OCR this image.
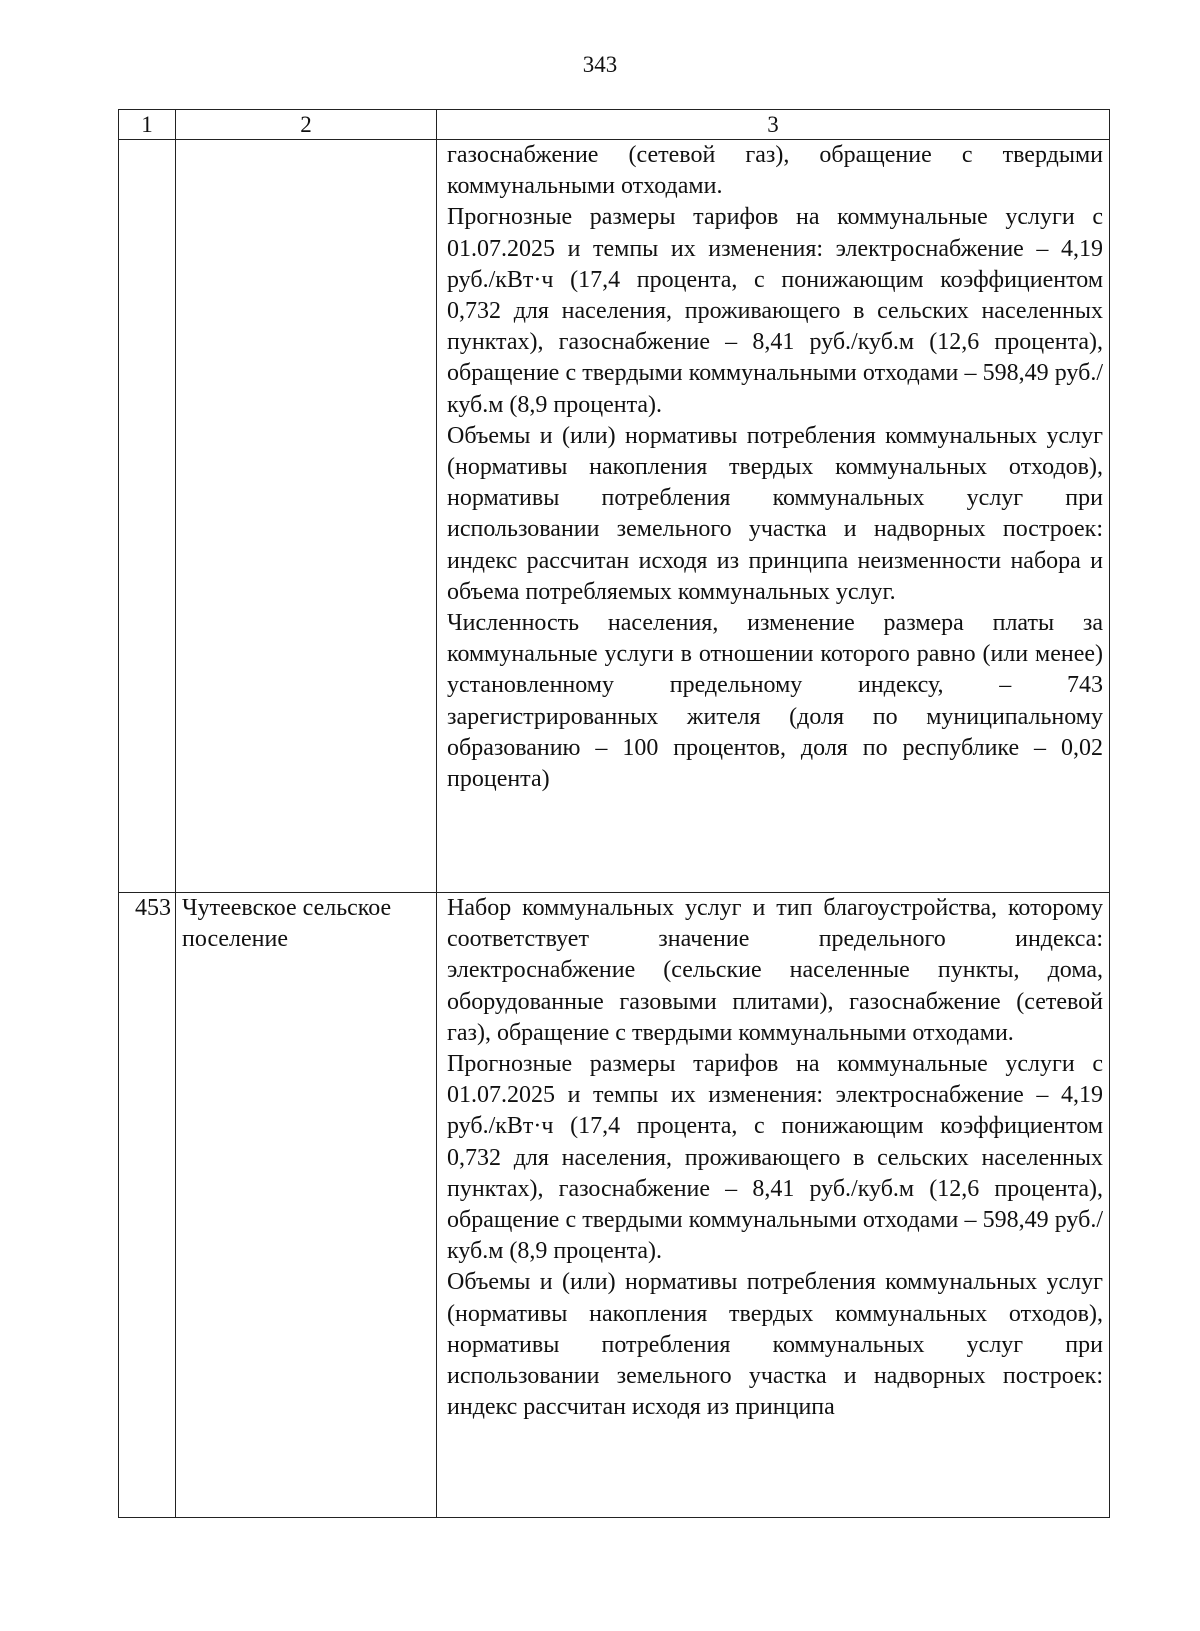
343
1	2	3

		газоснабжение (сетевой газ), обращение с твердыми коммунальными отходами.

Прогнозные размеры тарифов на коммунальные услуги с 01.07.2025 и темпы их изменения: электроснабжение – 4,19 руб./кВт·ч (17,4 процента, с понижающим коэффициентом 0,732 для населения, проживающего в сельских населенных пунктах), газоснабжение – 8,41 руб./куб.м (12,6 процента), обращение с твердыми коммунальными отходами – 598,49 руб./куб.м (8,9 процента).

Объемы и (или) нормативы потребления коммунальных услуг (нормативы накопления твердых коммунальных отходов), нормативы потребления коммунальных услуг при использовании земельного участка и надворных построек: индекс рассчитан исходя из принципа неизменности набора и объема потребляемых коммунальных услуг.

Численность населения, изменение размера платы за коммунальные услуги в отношении которого равно (или менее) установленному предельному индексу, – 743 зарегистрированных жителя (доля по муниципальному образованию – 100 процентов, доля по республике – 0,02 процента)

453	Чутеевское сельское поселение	Набор коммунальных услуг и тип благоустройства, которому соответствует значение предельного индекса: электроснабжение (сельские населенные пункты, дома, оборудованные газовыми плитами), газоснабжение (сетевой газ), обращение с твердыми коммунальными отходами.

Прогнозные размеры тарифов на коммунальные услуги с 01.07.2025 и темпы их изменения: электроснабжение – 4,19 руб./кВт·ч (17,4 процента, с понижающим коэффициентом 0,732 для населения, проживающего в сельских населенных пунктах), газоснабжение – 8,41 руб./куб.м (12,6 процента), обращение с твердыми коммунальными отходами – 598,49 руб./куб.м (8,9 процента).

Объемы и (или) нормативы потребления коммунальных услуг (нормативы накопления твердых коммунальных отходов), нормативы потребления коммунальных услуг при использовании земельного участка и надворных построек: индекс рассчитан исходя из принципа
